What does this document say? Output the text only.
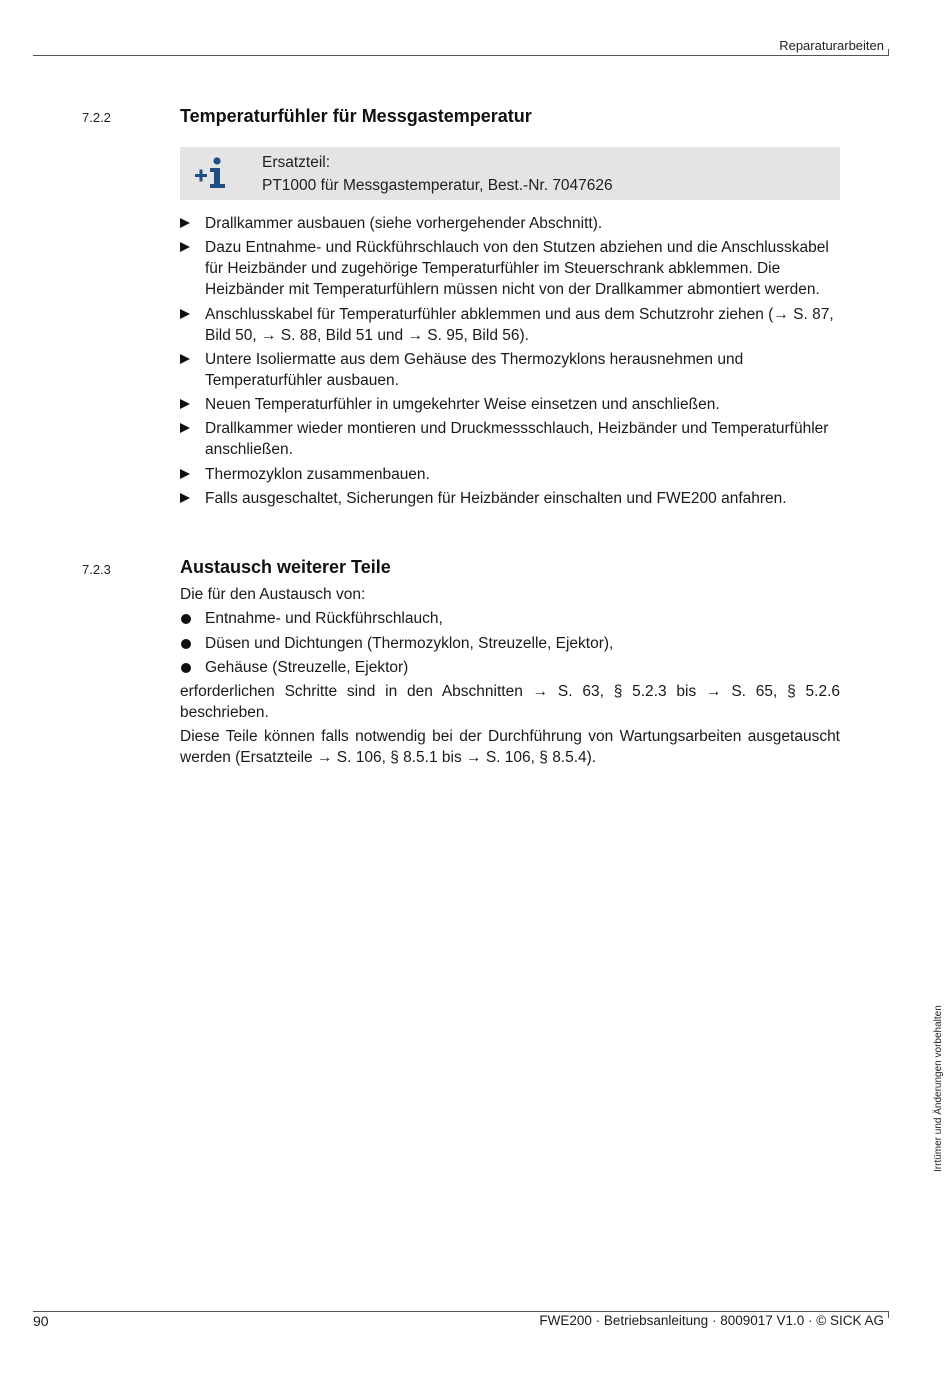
Reparaturarbeiten
7.2.2	Temperaturfühler für Messgastemperatur
Ersatzteil:
PT1000 für Messgastemperatur, Best.-Nr. 7047626
Drallkammer ausbauen (siehe vorhergehender Abschnitt).
Dazu Entnahme- und Rückführschlauch von den Stutzen abziehen und die Anschlusskabel für Heizbänder und zugehörige Temperaturfühler im Steuerschrank abklemmen. Die Heizbänder mit Temperaturfühlern müssen nicht von der Drallkammer abmontiert werden.
Anschlusskabel für Temperaturfühler abklemmen und aus dem Schutzrohr ziehen (→ S. 87, Bild 50, → S. 88, Bild 51 und → S. 95, Bild 56).
Untere Isoliermatte aus dem Gehäuse des Thermozyklons herausnehmen und Temperaturfühler ausbauen.
Neuen Temperaturfühler in umgekehrter Weise einsetzen und anschließen.
Drallkammer wieder montieren und Druckmessschlauch, Heizbänder und Temperaturfühler anschließen.
Thermozyklon zusammenbauen.
Falls ausgeschaltet, Sicherungen für Heizbänder einschalten und FWE200 anfahren.
7.2.3	Austausch weiterer Teile

Die für den Austausch von:

Entnahme- und Rückführschlauch,
Düsen und Dichtungen (Thermozyklon, Streuzelle, Ejektor),
Gehäuse (Streuzelle, Ejektor)

erforderlichen Schritte sind in den Abschnitten → S. 63, § 5.2.3 bis → S. 65, § 5.2.6 beschrieben.

Diese Teile können falls notwendig bei der Durchführung von Wartungsarbeiten ausgetauscht werden (Ersatzteile → S. 106, § 8.5.1 bis → S. 106, § 8.5.4).

Irrtümer und Änderungen vorbehalten
90	FWE200 · Betriebsanleitung · 8009017 V1.0 · © SICK AG
